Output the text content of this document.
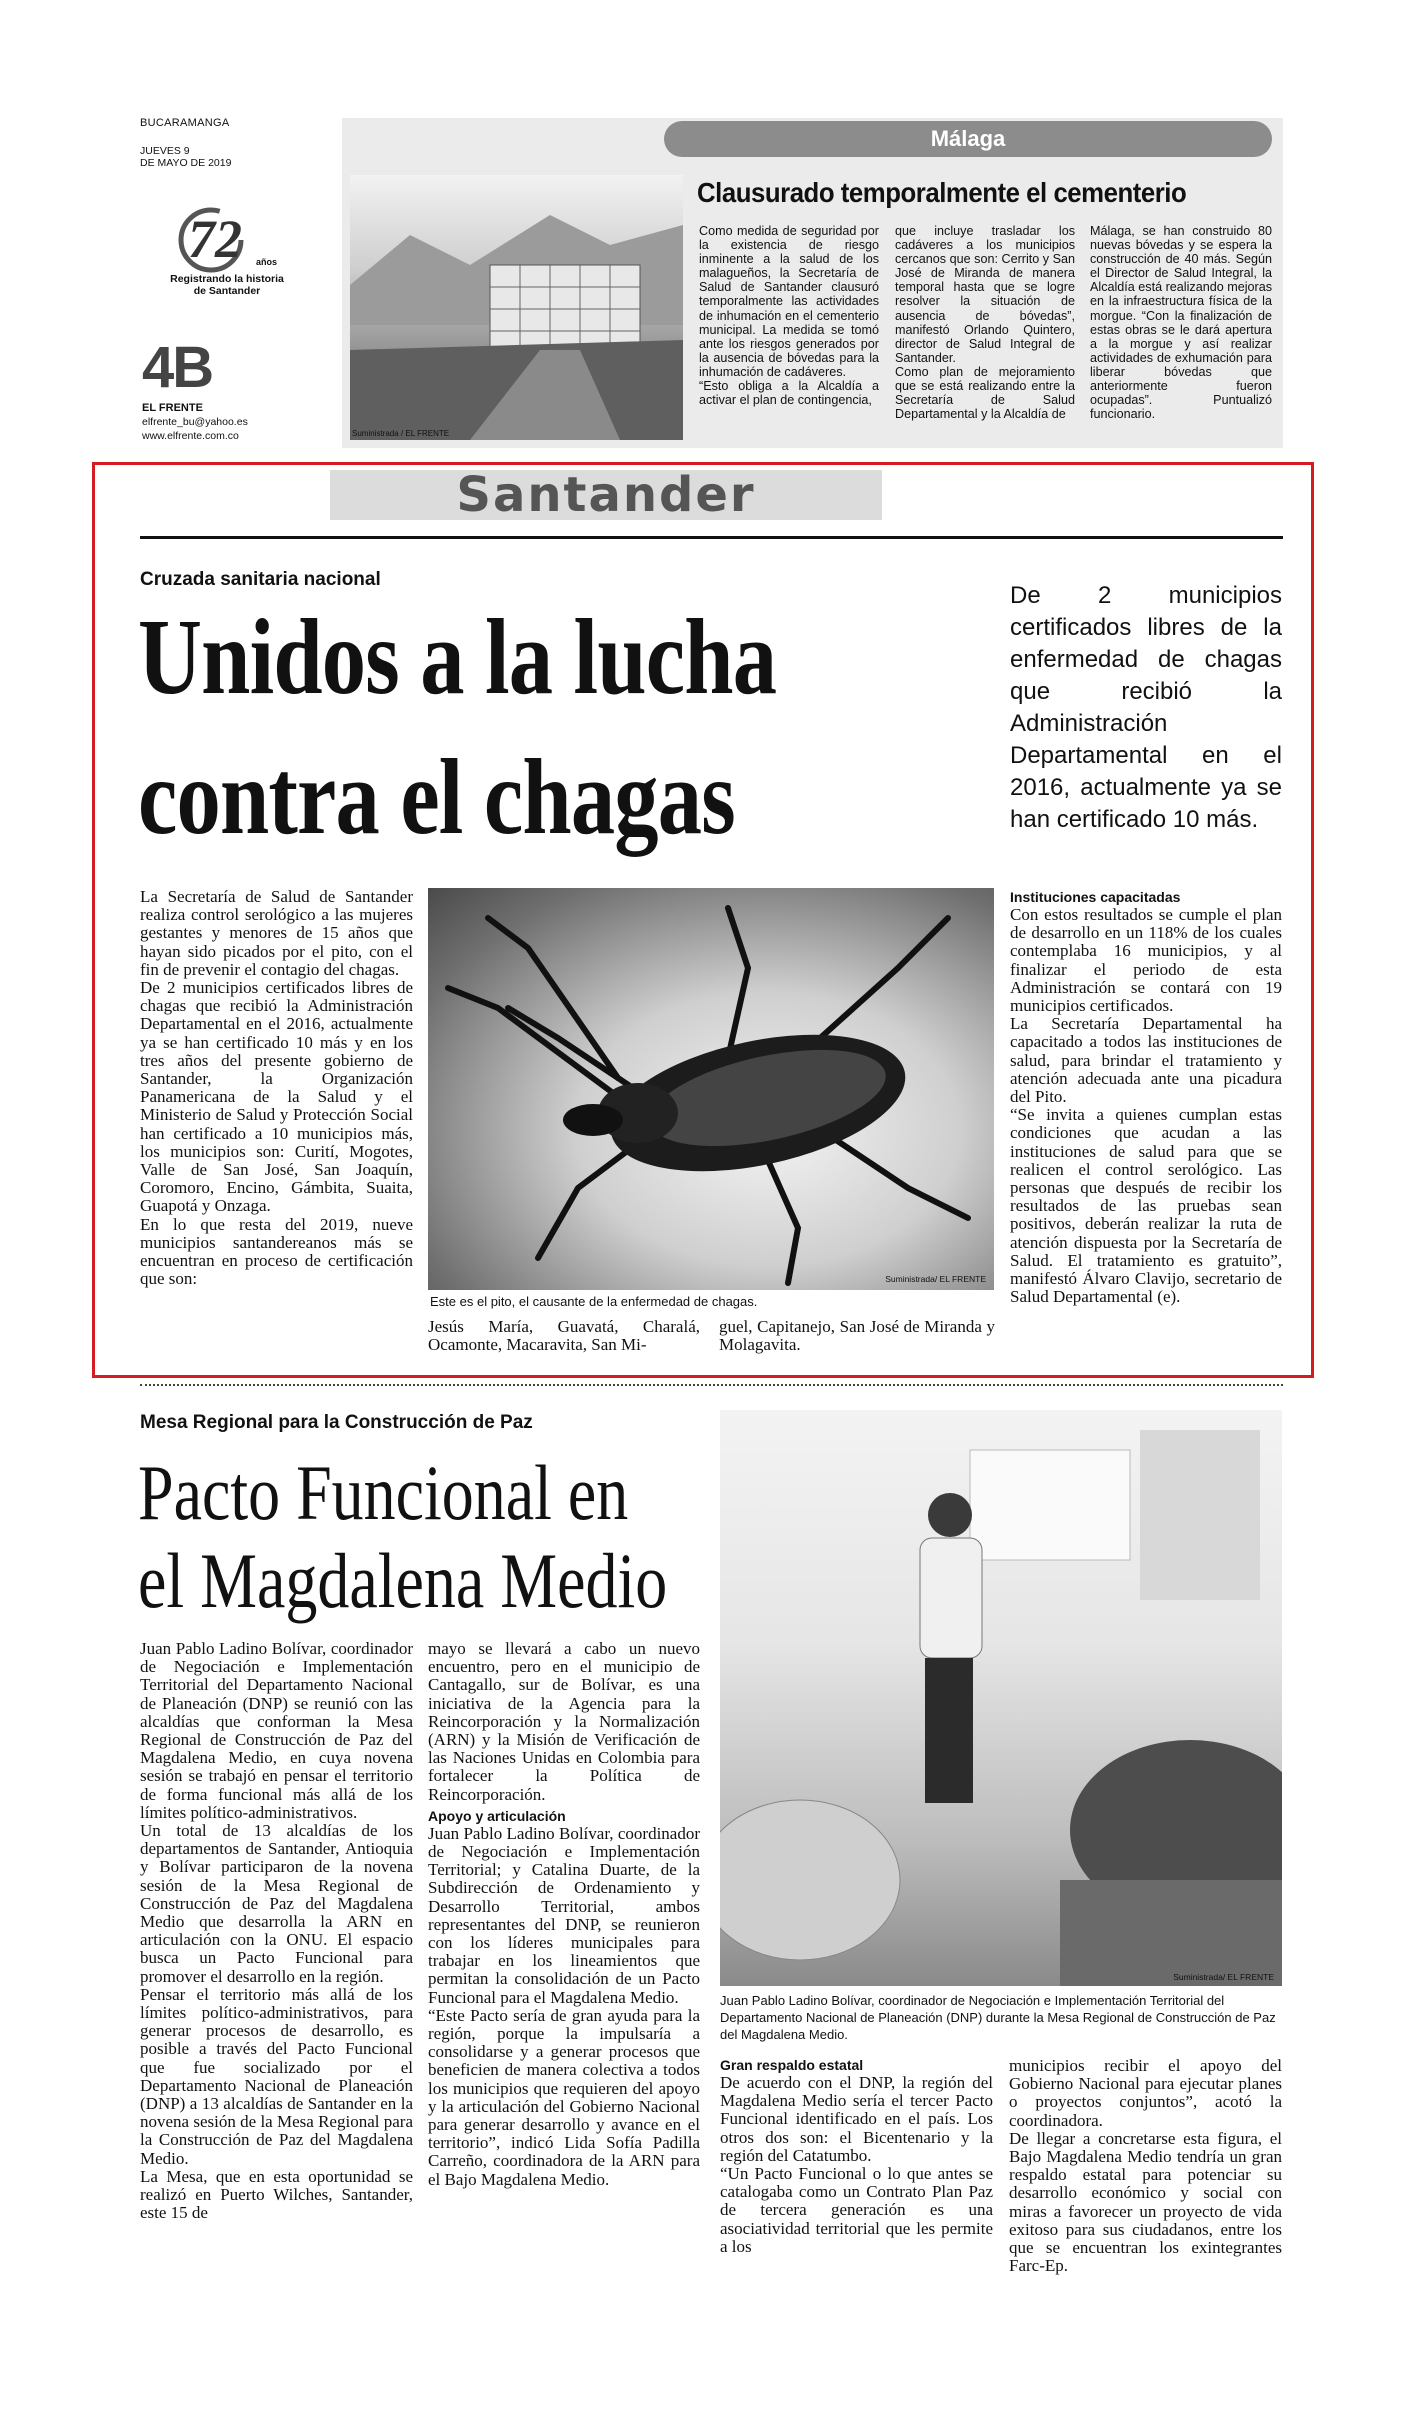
BUCARAMANGA
JUEVES 9
DE MAYO DE 2019
72 años
Registrando la historia de Santander
4B
EL FRENTE
elfrente_bu@yahoo.es
www.elfrente.com.co
Málaga
Suministrada / EL FRENTE
Clausurado temporalmente el cementerio
Como medida de seguridad por la existencia de riesgo inminente a la salud de los malagueños, la Secretaría de Salud de Santander clausuró temporalmente las actividades de inhumación en el cementerio municipal. La medida se tomó ante los riesgos generados por la ausencia de bóvedas para la inhumación de cadáveres.
“Esto obliga a la Alcaldía a activar el plan de contingencia,
que incluye trasladar los cadáveres a los municipios cercanos que son: Cerrito y San José de Miranda de manera temporal hasta que se logre resolver la situación de ausencia de bóvedas”, manifestó Orlando Quintero, director de Salud Integral de Santander.
Como plan de mejoramiento que se está realizando entre la Secretaría de Salud Departamental y la Alcaldía de
Málaga, se han construido 80 nuevas bóvedas y se espera la construcción de 40 más. Según el Director de Salud Integral, la Alcaldía está realizando mejoras en la infraestructura física de la morgue. “Con la finalización de estas obras se le dará apertura a la morgue y así realizar actividades de exhumación para liberar bóvedas que anteriormente fueron ocupadas”. Puntualizó funcionario.
Santander
Cruzada sanitaria nacional
Unidos a la lucha
contra el chagas
De 2 municipios certificados libres de la enfermedad de chagas que recibió la Administración Departamental en el 2016, actualmente ya se han certificado 10 más.
La Secretaría de Salud de Santander realiza control serológico a las mujeres gestantes y menores de 15 años que hayan sido picados por el pito, con el fin de prevenir el contagio del chagas.
De 2 municipios certificados libres de chagas que recibió la Administración Departamental en el 2016, actualmente ya se han certificado 10 más y en los tres años del presente gobierno de Santander, la Organización Panamericana de la Salud y el Ministerio de Salud y Protección Social han certificado a 10 municipios más, los municipios son: Curití, Mogotes, Valle de San José, San Joaquín, Coromoro, Encino, Gámbita, Suaita, Guapotá y Onzaga.
En lo que resta del 2019, nueve municipios santandereanos más se encuentran en proceso de certificación que son:	Suministrada/ EL FRENTE
Este es el pito, el causante de la enfermedad de chagas.
Jesús María, Guavatá, Charalá, Ocamonte, Macaravita, San Mi-
guel, Capitanejo, San José de Miranda y Molagavita.
Instituciones capacitadas
Con estos resultados se cumple el plan de desarrollo en un 118% de los cuales contemplaba 16 municipios, y al finalizar el periodo de esta Administración se contará con 19 municipios certificados.
La Secretaría Departamental ha capacitado a todos las instituciones de salud, para brindar el tratamiento y atención adecuada ante una picadura del Pito.
“Se invita a quienes cumplan estas condiciones que acudan a las instituciones de salud para que se realicen el control serológico. Las personas que después de recibir los resultados de las pruebas sean positivos, deberán realizar la ruta de atención dispuesta por la Secretaría de Salud. El tratamiento es gratuito”, manifestó Álvaro Clavijo, secretario de Salud Departamental (e).
Mesa Regional para la Construcción de Paz
Pacto Funcional en
el Magdalena Medio
Juan Pablo Ladino Bolívar, coordinador de Negociación e Implementación Territorial del Departamento Nacional de Planeación (DNP) se reunió con las alcaldías que conforman la Mesa Regional de Construcción de Paz del Magdalena Medio, en cuya novena sesión se trabajó en pensar el territorio de forma funcional más allá de los límites político-administrativos.
Un total de 13 alcaldías de los departamentos de Santander, Antioquia y Bolívar participaron de la novena sesión de la Mesa Regional de Construcción de Paz del Magdalena Medio que desarrolla la ARN en articulación con la ONU. El espacio busca un Pacto Funcional para promover el desarrollo en la región.
Pensar el territorio más allá de los límites político-administrativos, para generar procesos de desarrollo, es posible a través del Pacto Funcional que fue socializado por el Departamento Nacional de Planeación (DNP) a 13 alcaldías de Santander en la novena sesión de la Mesa Regional para la Construcción de Paz del Magdalena Medio.
La Mesa, que en esta oportunidad se realizó en Puerto Wilches, Santander, este 15 de
mayo se llevará a cabo un nuevo encuentro, pero en el municipio de Cantagallo, sur de Bolívar, es una iniciativa de la Agencia para la Reincorporación y la Normalización (ARN) y la Misión de Verificación de las Naciones Unidas en Colombia para fortalecer la Política de Reincorporación.
Apoyo y articulación
Juan Pablo Ladino Bolívar, coordinador de Negociación e Implementación Territorial; y Catalina Duarte, de la Subdirección de Ordenamiento y Desarrollo Territorial, ambos representantes del DNP, se reunieron con los líderes municipales para trabajar en los lineamientos que permitan la consolidación de un Pacto Funcional para el Magdalena Medio.
“Este Pacto sería de gran ayuda para la región, porque la impulsaría a consolidarse y a generar procesos que beneficien de manera colectiva a todos los municipios que requieren del apoyo y la articulación del Gobierno Nacional para generar desarrollo y avance en el territorio”, indicó Lida Sofía Padilla Carreño, coordinadora de la ARN para el Bajo Magdalena Medio.
Suministrada/ EL FRENTE
Juan Pablo Ladino Bolívar, coordinador de Negociación e Implementación Territorial del Departamento Nacional de Planeación (DNP) durante la Mesa Regional de Construcción de Paz del Magdalena Medio.
Gran respaldo estatal
De acuerdo con el DNP, la región del Magdalena Medio sería el tercer Pacto Funcional identificado en el país. Los otros dos son: el Bicentenario y la región del Catatumbo.
“Un Pacto Funcional o lo que antes se catalogaba como un Contrato Plan Paz de tercera generación es una asociatividad territorial que les permite a los
municipios recibir el apoyo del Gobierno Nacional para ejecutar planes o proyectos conjuntos”, acotó la coordinadora.
De llegar a concretarse esta figura, el Bajo Magdalena Medio tendría un gran respaldo estatal para potenciar su desarrollo económico y social con miras a favorecer un proyecto de vida exitoso para sus ciudadanos, entre los que se encuentran los exintegrantes Farc-Ep.
